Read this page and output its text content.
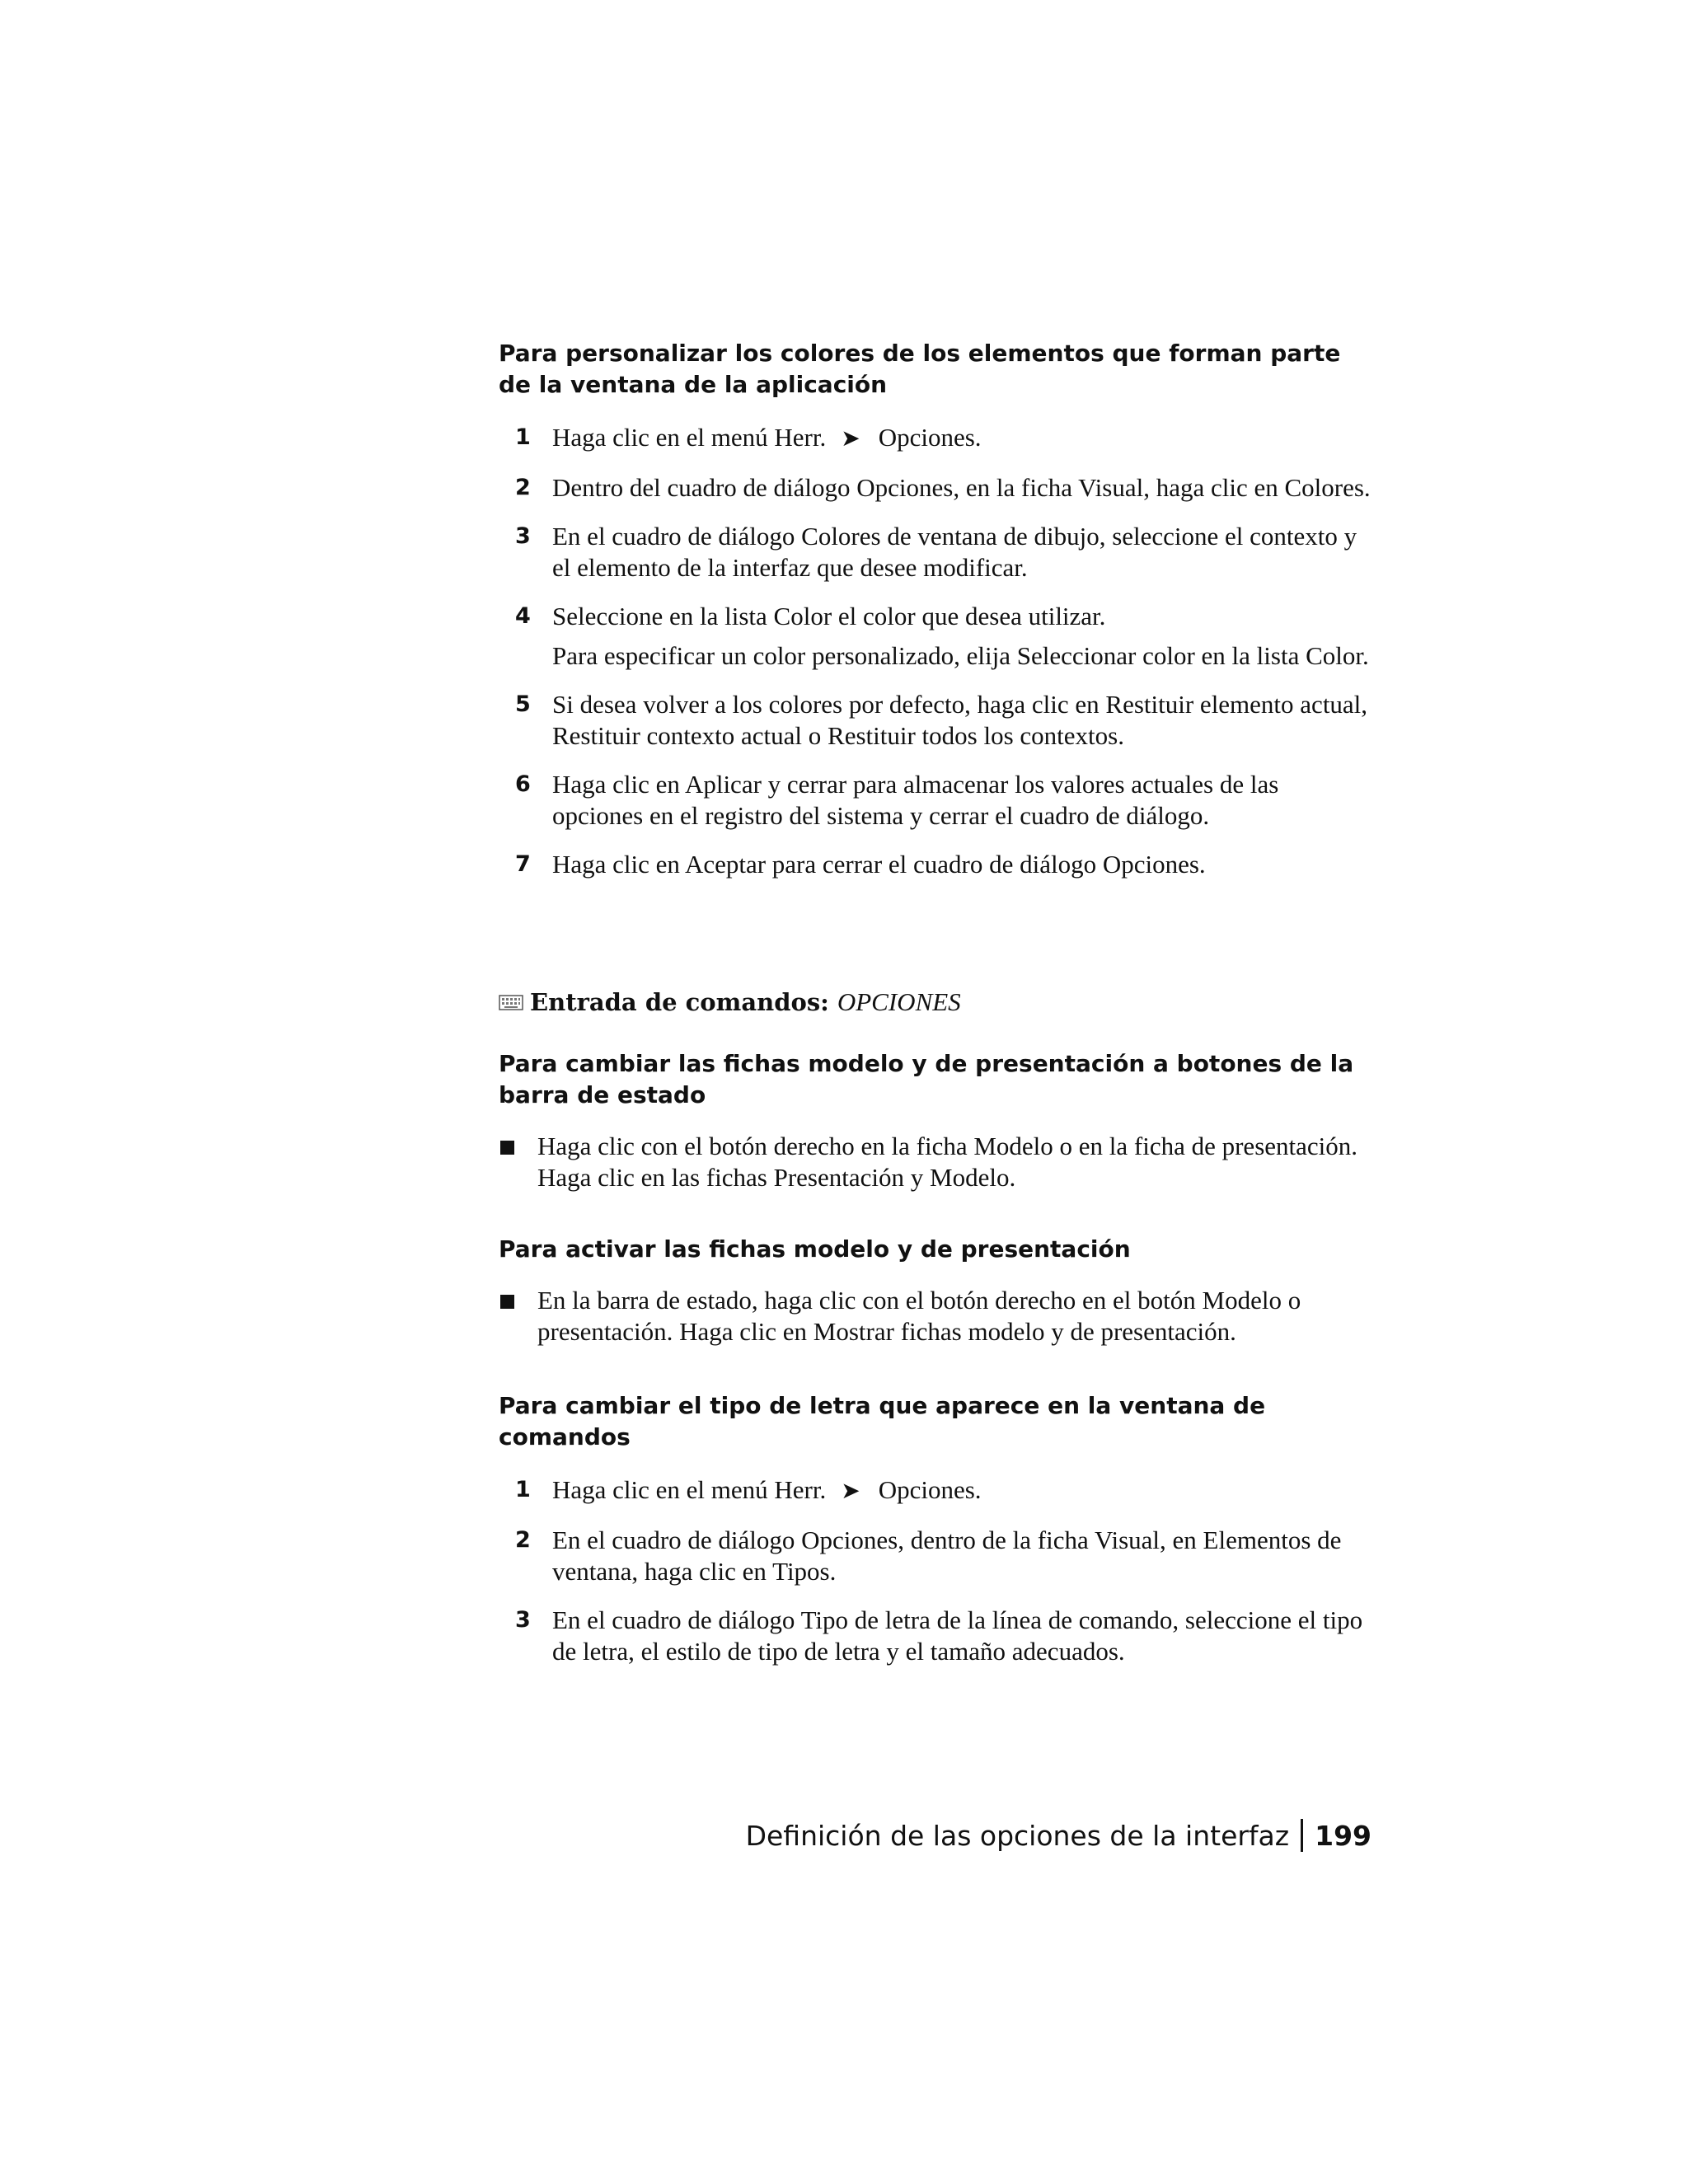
Para personalizar los colores de los elementos que forman parte de la ventana de la aplicación

1 Haga clic en el menú Herr. ➤ Opciones.
2 Dentro del cuadro de diálogo Opciones, en la ficha Visual, haga clic en Colores.
3 En el cuadro de diálogo Colores de ventana de dibujo, seleccione el contexto y el elemento de la interfaz que desee modificar.
4 Seleccione en la lista Color el color que desea utilizar.
Para especificar un color personalizado, elija Seleccionar color en la lista Color.
5 Si desea volver a los colores por defecto, haga clic en Restituir elemento actual, Restituir contexto actual o Restituir todos los contextos.
6 Haga clic en Aplicar y cerrar para almacenar los valores actuales de las opciones en el registro del sistema y cerrar el cuadro de diálogo.
7 Haga clic en Aceptar para cerrar el cuadro de diálogo Opciones.
Entrada de comandos: OPCIONES

Para cambiar las fichas modelo y de presentación a botones de la barra de estado

Haga clic con el botón derecho en la ficha Modelo o en la ficha de presentación. Haga clic en las fichas Presentación y Modelo.

Para activar las fichas modelo y de presentación

En la barra de estado, haga clic con el botón derecho en el botón Modelo o presentación. Haga clic en Mostrar fichas modelo y de presentación.

Para cambiar el tipo de letra que aparece en la ventana de comandos

1 Haga clic en el menú Herr. ➤ Opciones.
2 En el cuadro de diálogo Opciones, dentro de la ficha Visual, en Elementos de ventana, haga clic en Tipos.
3 En el cuadro de diálogo Tipo de letra de la línea de comando, seleccione el tipo de letra, el estilo de tipo de letra y el tamaño adecuados.
Definición de las opciones de la interfaz 199
